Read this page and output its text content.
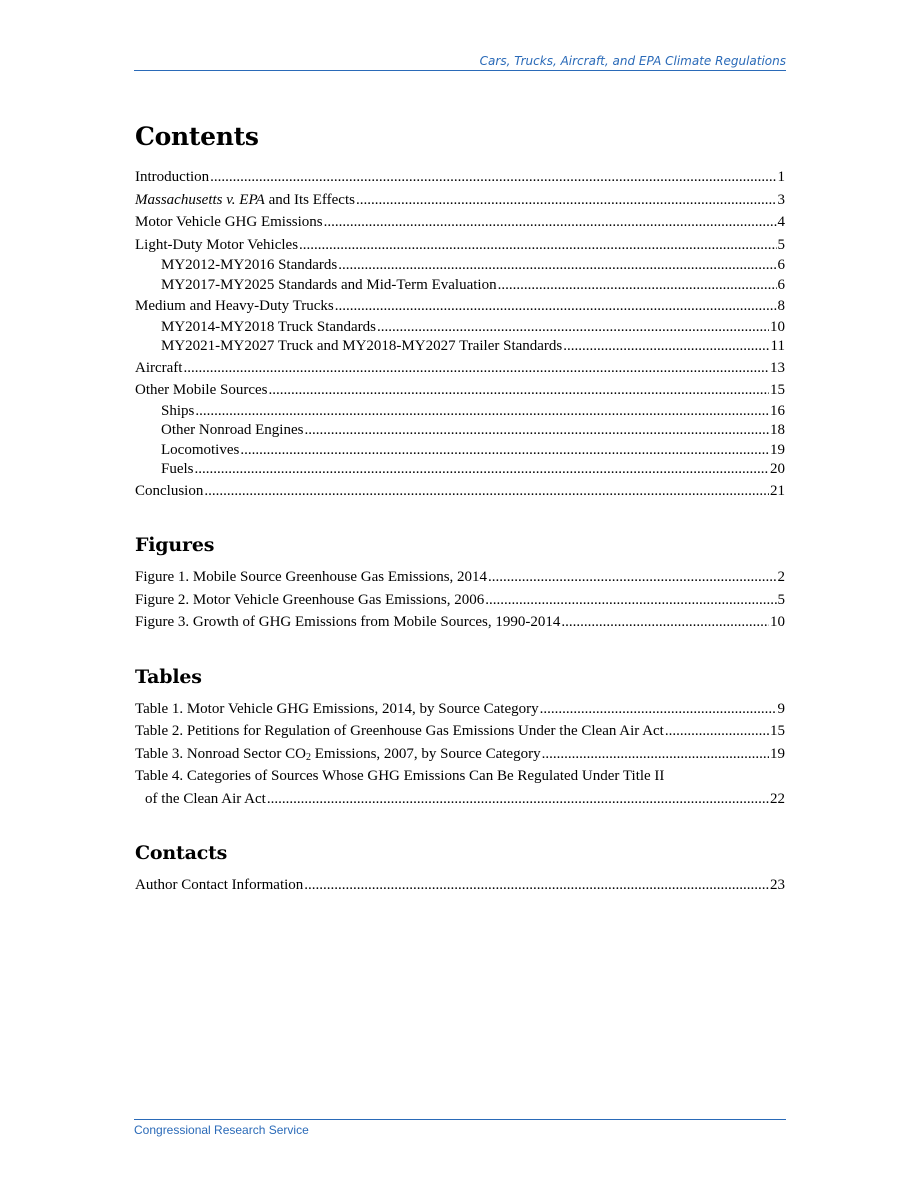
Cars, Trucks, Aircraft, and EPA Climate Regulations
Contents
Introduction .....	1
Massachusetts v. EPA and Its Effects .....	3
Motor Vehicle GHG Emissions .....	4
Light-Duty Motor Vehicles .....	5
MY2012-MY2016 Standards .....	6
MY2017-MY2025 Standards and Mid-Term Evaluation .....	6
Medium and Heavy-Duty Trucks .....	8
MY2014-MY2018 Truck Standards .....	10
MY2021-MY2027 Truck and MY2018-MY2027 Trailer Standards .....	11
Aircraft .....	13
Other Mobile Sources .....	15
Ships .....	16
Other Nonroad Engines .....	18
Locomotives .....	19
Fuels .....	20
Conclusion .....	21
Figures
Figure 1. Mobile Source Greenhouse Gas Emissions, 2014 .....	2
Figure 2. Motor Vehicle Greenhouse Gas Emissions, 2006 .....	5
Figure 3. Growth of GHG Emissions from Mobile Sources, 1990-2014 .....	10
Tables
Table 1. Motor Vehicle GHG Emissions, 2014, by Source Category .....	9
Table 2. Petitions for Regulation of Greenhouse Gas Emissions Under the Clean Air Act .....	15
Table 3. Nonroad Sector $CO_2$ Emissions, 2007, by Source Category .....	19
Table 4. Categories of Sources Whose GHG Emissions Can Be Regulated Under Title II
of the Clean Air Act .....	22
Contacts
Author Contact Information .....	23
Congressional Research Service
